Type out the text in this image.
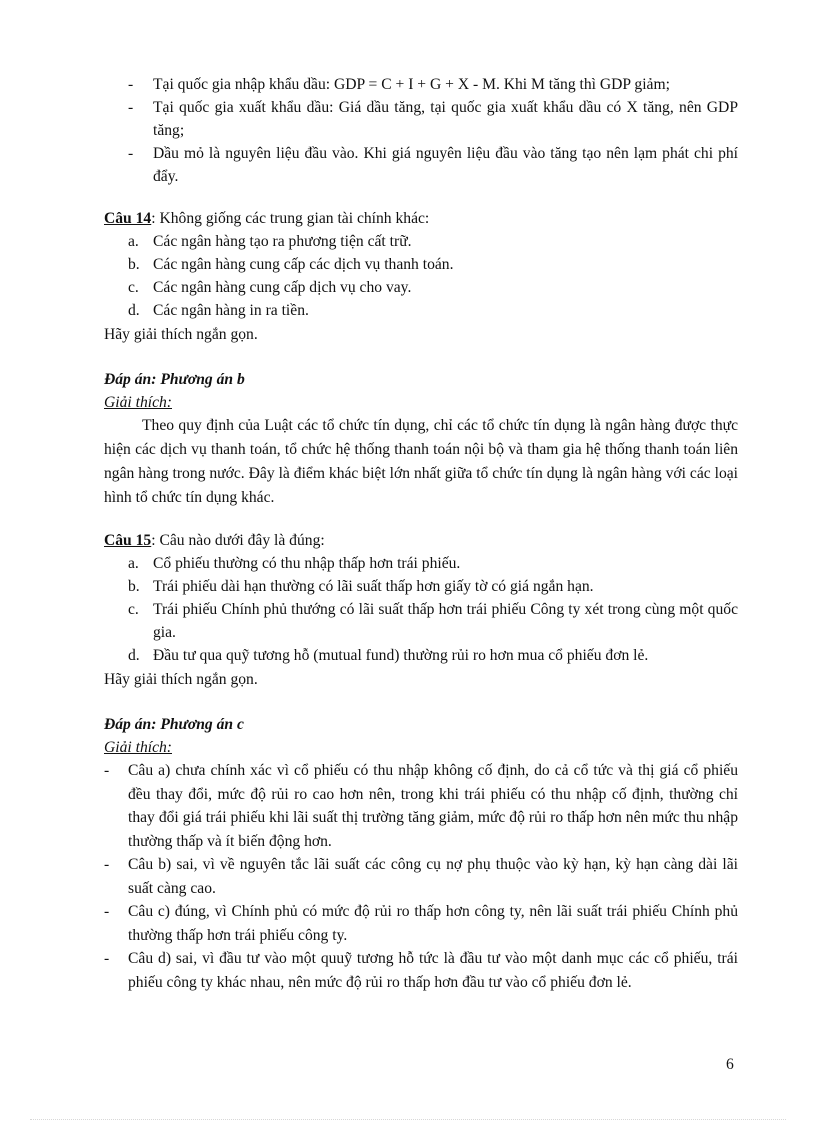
- Tại quốc gia nhập khẩu dầu: GDP = C + I + G + X - M. Khi M tăng thì GDP giảm;
- Tại quốc gia xuất khẩu dầu: Giá dầu tăng, tại quốc gia xuất khẩu dầu có X tăng, nên GDP tăng;
- Dầu mỏ là nguyên liệu đầu vào. Khi giá nguyên liệu đầu vào tăng tạo nên lạm phát chi phí đẩy.
Câu 14: Không giống các trung gian tài chính khác:
a. Các ngân hàng tạo ra phương tiện cất trữ.
b. Các ngân hàng cung cấp các dịch vụ thanh toán.
c. Các ngân hàng cung cấp dịch vụ cho vay.
d. Các ngân hàng in ra tiền.
Hãy giải thích ngắn gọn.
Đáp án: Phương án b
Giải thích:

Theo quy định của Luật các tổ chức tín dụng, chỉ các tổ chức tín dụng là ngân hàng được thực hiện các dịch vụ thanh toán, tổ chức hệ thống thanh toán nội bộ và tham gia hệ thống thanh toán liên ngân hàng trong nước. Đây là điểm khác biệt lớn nhất giữa tổ chức tín dụng là ngân hàng với các loại hình tổ chức tín dụng khác.

Câu 15: Câu nào dưới đây là đúng:
a. Cổ phiếu thường có thu nhập thấp hơn trái phiếu.
b. Trái phiếu dài hạn thường có lãi suất thấp hơn giấy tờ có giá ngắn hạn.
c. Trái phiếu Chính phủ thướng có lãi suất thấp hơn trái phiếu Công ty xét trong cùng một quốc gia.
d. Đầu tư qua quỹ tương hỗ (mutual fund) thường rủi ro hơn mua cổ phiếu đơn lẻ.
Hãy giải thích ngắn gọn.
Đáp án: Phương án c
Giải thích:
- Câu a) chưa chính xác vì cổ phiếu có thu nhập không cố định, do cả cổ tức và thị giá cổ phiếu đều thay đổi, mức độ rủi ro cao hơn nên, trong khi trái phiếu có thu nhập cố định, thường chỉ thay đổi giá trái phiếu khi lãi suất thị trường tăng giảm, mức độ rủi ro thấp hơn nên mức thu nhập thường thấp và ít biến động hơn.
- Câu b) sai, vì về nguyên tắc lãi suất các công cụ nợ phụ thuộc vào kỳ hạn, kỳ hạn càng dài lãi suất càng cao.
- Câu c) đúng, vì Chính phủ có mức độ rủi ro thấp hơn công ty, nên lãi suất trái phiếu Chính phủ thường thấp hơn trái phiếu công ty.
- Câu d) sai, vì đầu tư vào một quuỹ tương hỗ tức là đầu tư vào một danh mục các cổ phiếu, trái phiếu công ty khác nhau, nên mức độ rủi ro thấp hơn đầu tư vào cổ phiếu đơn lẻ.
6
